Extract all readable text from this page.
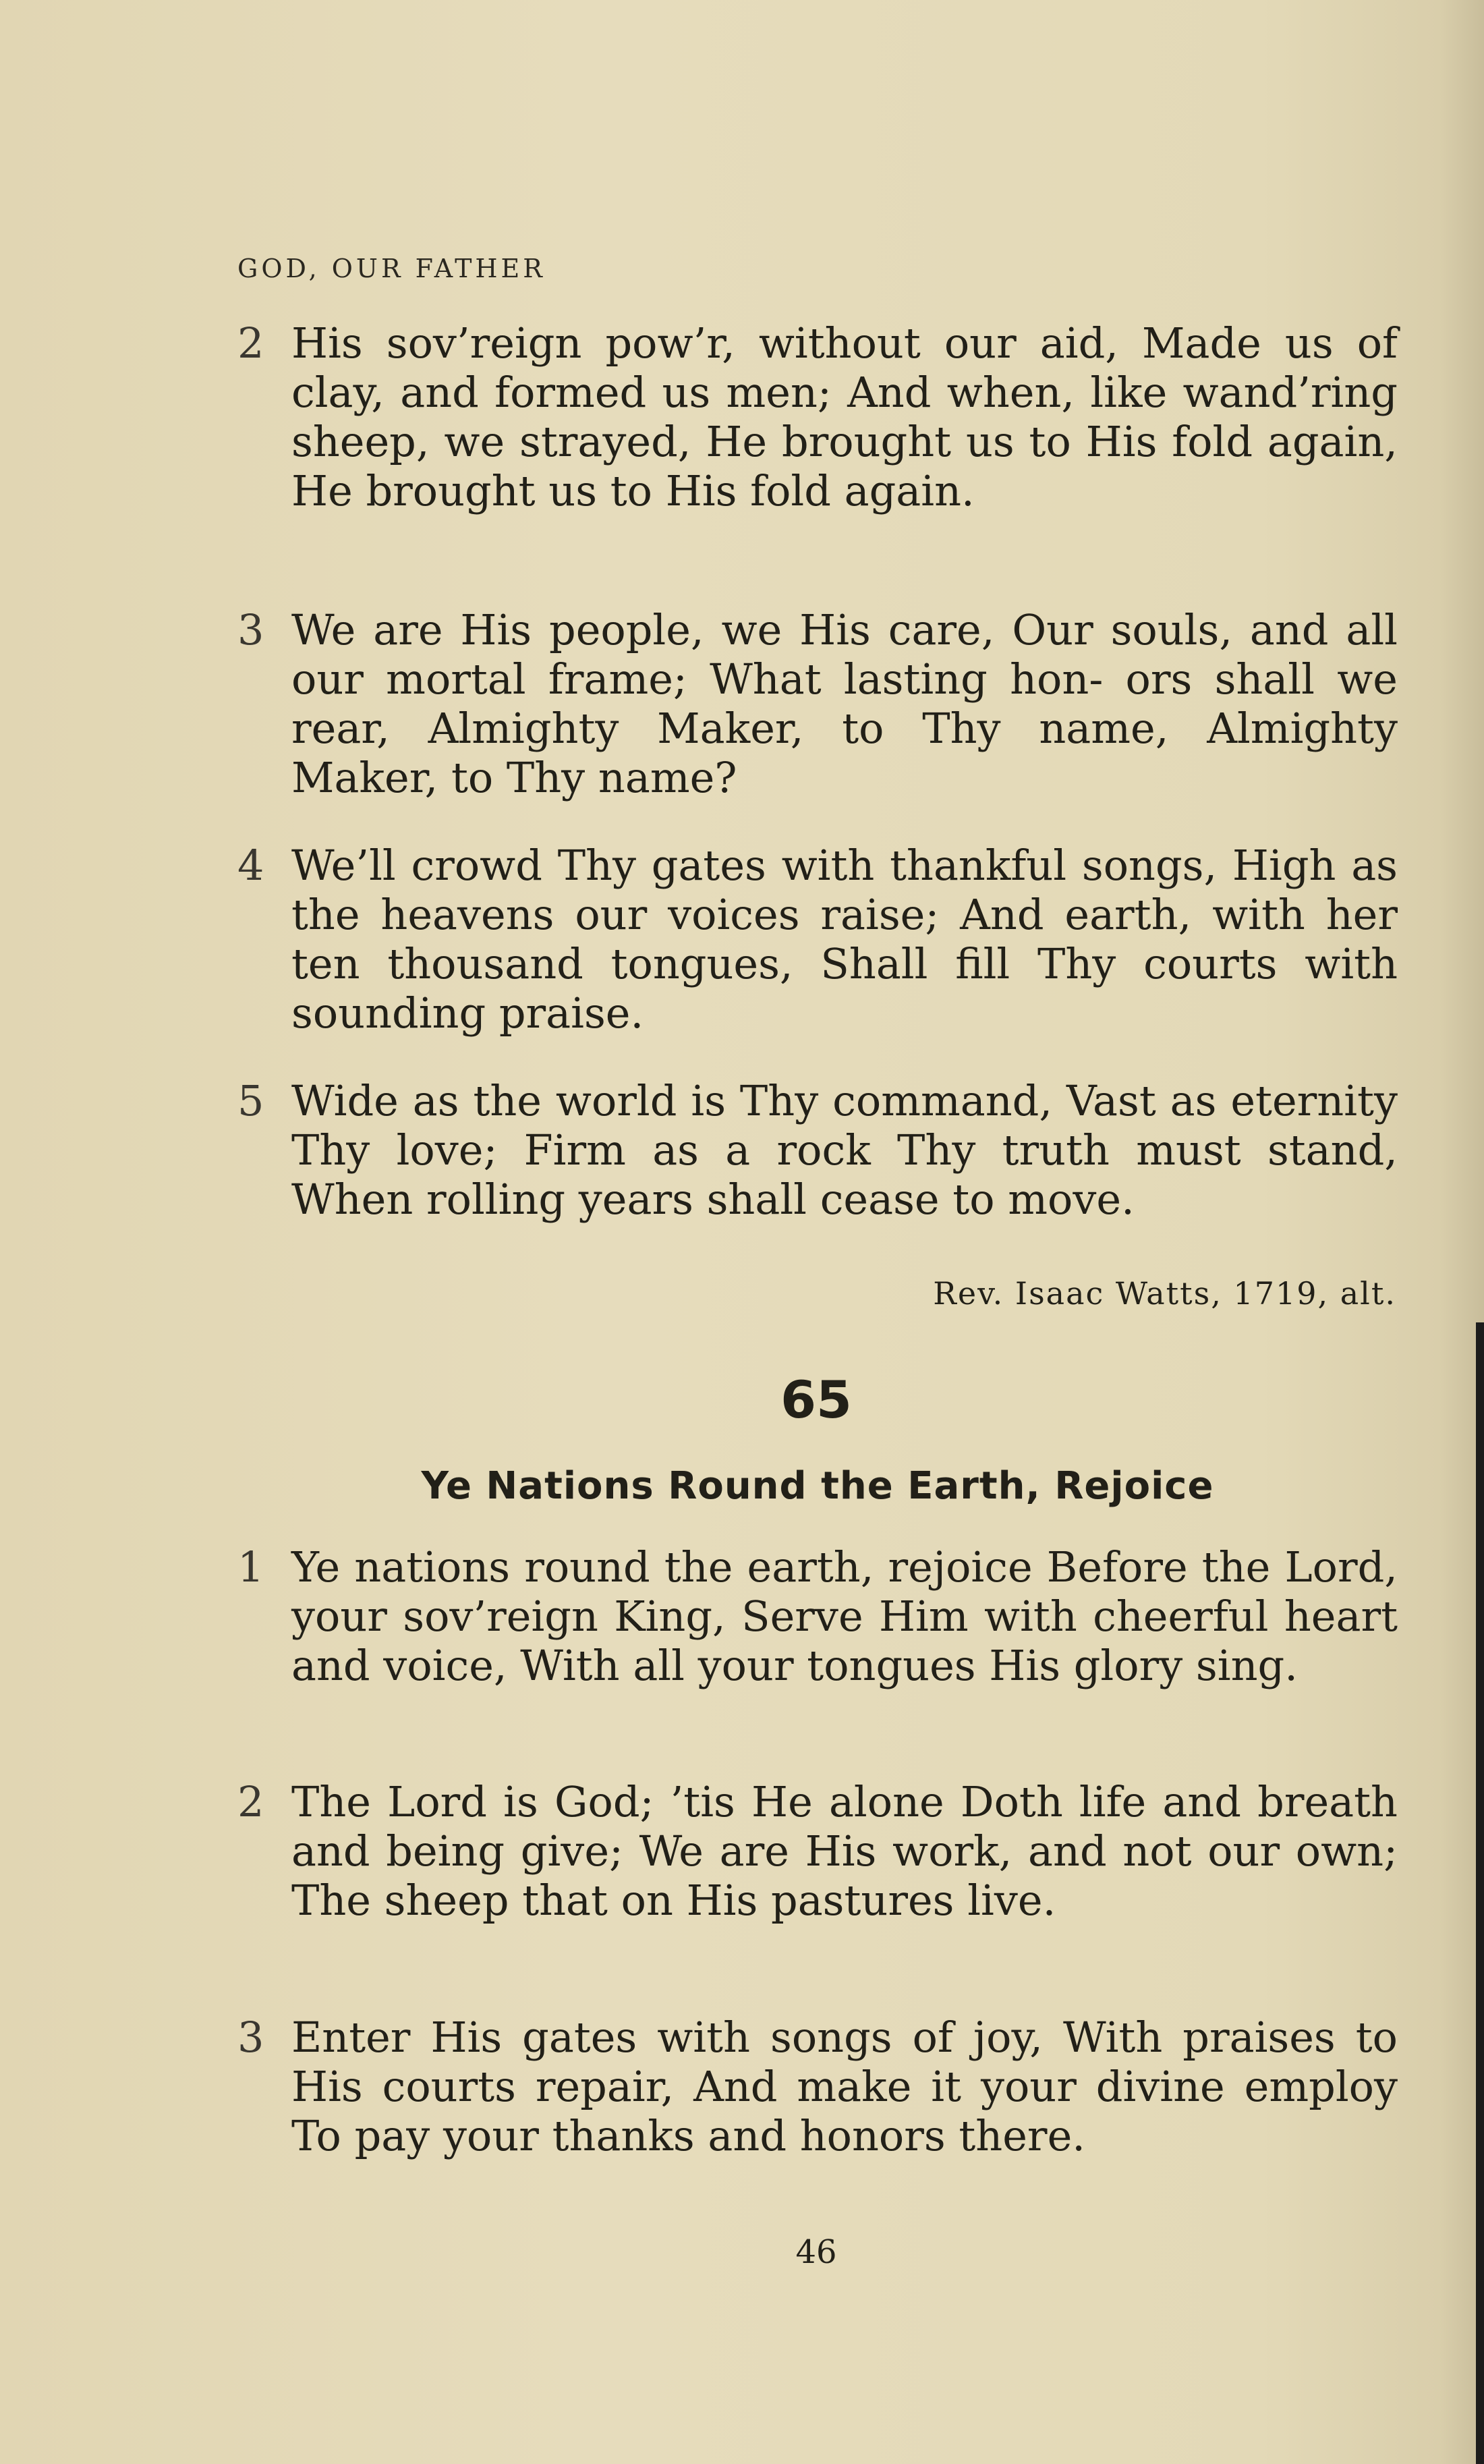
GOD, OUR FATHER
2 His sov’reign pow’r, without our aid, Made us of clay, and formed us men; And when, like wand’ring sheep, we strayed, He brought us to His fold again, He brought us to His fold again.
3 We are His people, we His care, Our souls, and all our mortal frame; What lasting hon- ors shall we rear, Almighty Maker, to Thy name, Almighty Maker, to Thy name?
4 We’ll crowd Thy gates with thankful songs, High as the heavens our voices raise; And earth, with her ten thousand tongues, Shall fill Thy courts with sounding praise.
5 Wide as the world is Thy command, Vast as eternity Thy love; Firm as a rock Thy truth must stand, When rolling years shall cease to move.
Rev. Isaac Watts, 1719, alt.
65
Ye Nations Round the Earth, Rejoice
1 Ye nations round the earth, rejoice Before the Lord, your sov’reign King, Serve Him with cheerful heart and voice, With all your tongues His glory sing.
2 The Lord is God; ’tis He alone Doth life and breath and being give; We are His work, and not our own; The sheep that on His pastures live.
3 Enter His gates with songs of joy, With praises to His courts repair, And make it your divine employ To pay your thanks and honors there.
46
